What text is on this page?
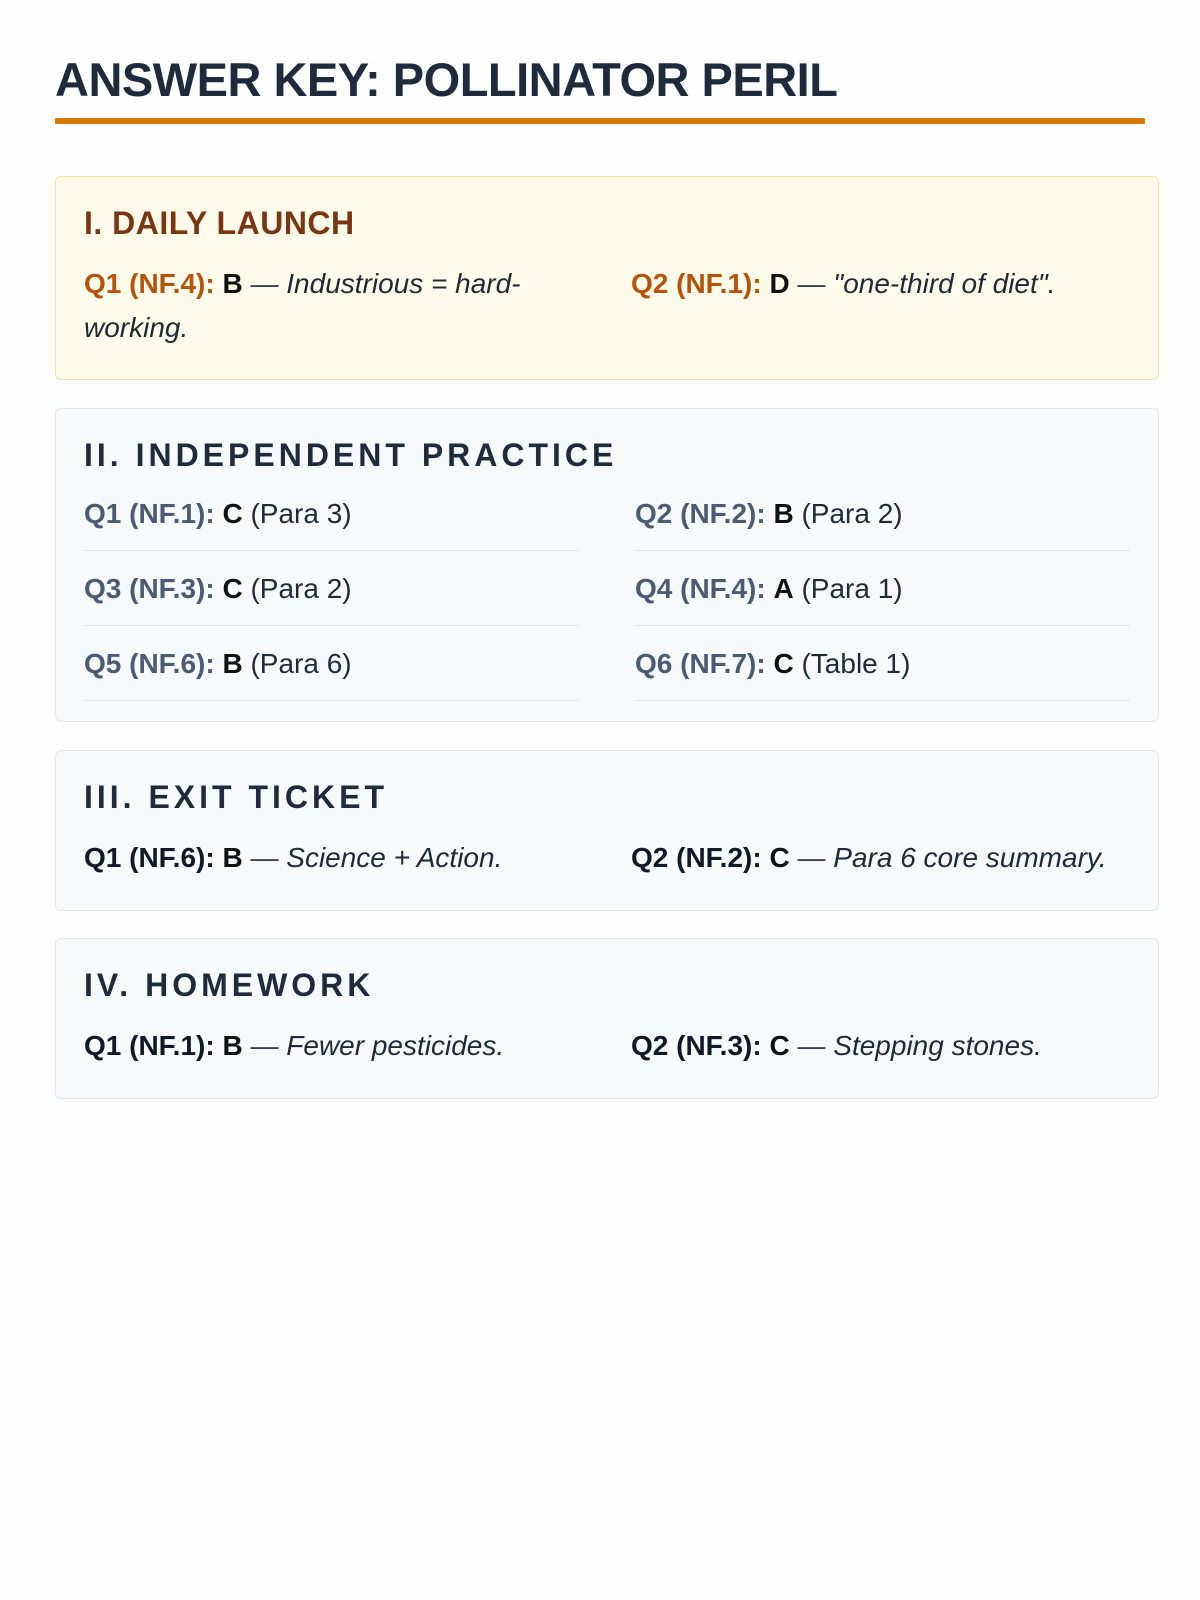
ANSWER KEY: POLLINATOR PERIL
I. DAILY LAUNCH
Q1 (NF.4): B — Industrious = hard-working.
Q2 (NF.1): D — "one-third of diet".
II. INDEPENDENT PRACTICE
Q1 (NF.1): C (Para 3)	Q2 (NF.2): B (Para 2)
Q3 (NF.3): C (Para 2)	Q4 (NF.4): A (Para 1)
Q5 (NF.6): B (Para 6)	Q6 (NF.7): C (Table 1)
III. EXIT TICKET
Q1 (NF.6): B — Science + Action.	Q2 (NF.2): C — Para 6 core summary.
IV. HOMEWORK
Q1 (NF.1): B — Fewer pesticides.	Q2 (NF.3): C — Stepping stones.
